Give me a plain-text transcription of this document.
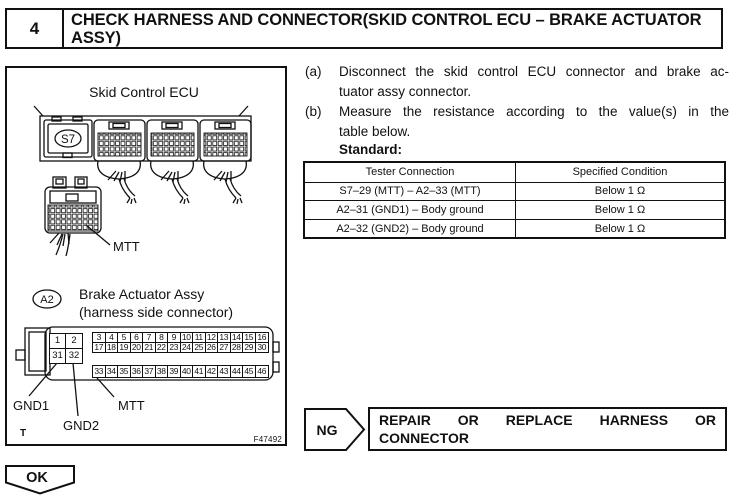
4	CHECK HARNESS AND CONNECTOR(SKID CONTROL ECU – BRAKE ACTUATOR
ASSY)
S7
A2
Skid Control ECU
MTT
Brake Actuator Assy
(harness side connector)
GND1
GND2
MTT
T
F47492
1	2
31 32
3 4 5 6 7 8 9 10 11 12 13 14 15 16
17 18 19 20 21 22 23 24 25 26 27 28 29 30
33 34 35 36 37 38 39 40 41 42 43 44 45 46
(a)	Disconnect the skid control ECU connector and brake ac-
tuator assy connector.
(b)	Measure the resistance according to the value(s) in the
table below.
Standard:
Tester Connection	Specified Condition
S7–29 (MTT) – A2–33 (MTT)	Below 1 Ω
A2–31 (GND1) – Body ground	Below 1 Ω
A2–32 (GND2) – Body ground	Below 1 Ω
NG
REPAIR OR REPLACE HARNESS OR
CONNECTOR
OK
